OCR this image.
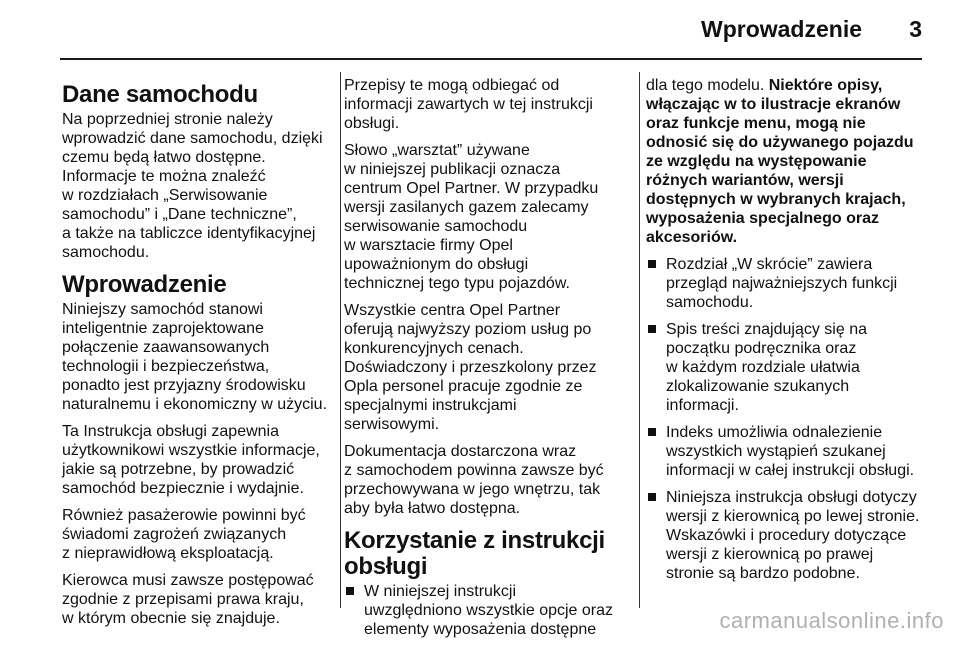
Wprowadzenie 3
Dane samochodu

Na poprzedniej stronie należy
wprowadzić dane samochodu, dzięki
czemu będą łatwo dostępne.
Informacje te można znaleźć
w rozdziałach „Serwisowanie
samochodu” i „Dane techniczne”,
a także na tabliczce identyfikacyjnej
samochodu.

Wprowadzenie

Niniejszy samochód stanowi
inteligentnie zaprojektowane
połączenie zaawansowanych
technologii i bezpieczeństwa,
ponadto jest przyjazny środowisku
naturalnemu i ekonomiczny w użyciu.

Ta Instrukcja obsługi zapewnia
użytkownikowi wszystkie informacje,
jakie są potrzebne, by prowadzić
samochód bezpiecznie i wydajnie.

Również pasażerowie powinni być
świadomi zagrożeń związanych
z nieprawidłową eksploatacją.

Kierowca musi zawsze postępować
zgodnie z przepisami prawa kraju,
w którym obecnie się znajduje.

Przepisy te mogą odbiegać od
informacji zawartych w tej instrukcji
obsługi.

Słowo „warsztat” używane
w niniejszej publikacji oznacza
centrum Opel Partner. W przypadku
wersji zasilanych gazem zalecamy
serwisowanie samochodu
w warsztacie firmy Opel
upoważnionym do obsługi
technicznej tego typu pojazdów.

Wszystkie centra Opel Partner
oferują najwyższy poziom usług po
konkurencyjnych cenach.
Doświadczony i przeszkolony przez
Opla personel pracuje zgodnie ze
specjalnymi instrukcjami
serwisowymi.

Dokumentacja dostarczona wraz
z samochodem powinna zawsze być
przechowywana w jego wnętrzu, tak
aby była łatwo dostępna.

Korzystanie z instrukcji
obsługi
W niniejszej instrukcji
uwzględniono wszystkie opcje oraz
elementy wyposażenia dostępne

dla tego modelu. Niektóre opisy,
włączając w to ilustracje ekranów
oraz funkcje menu, mogą nie
odnosić się do używanego pojazdu
ze względu na występowanie
różnych wariantów, wersji
dostępnych w wybranych krajach,
wyposażenia specjalnego oraz
akcesoriów.

Rozdział „W skrócie” zawiera
przegląd najważniejszych funkcji
samochodu.
Spis treści znajdujący się na
początku podręcznika oraz
w każdym rozdziale ułatwia
zlokalizowanie szukanych
informacji.
Indeks umożliwia odnalezienie
wszystkich wystąpień szukanej
informacji w całej instrukcji obsługi.
Niniejsza instrukcja obsługi dotyczy
wersji z kierownicą po lewej stronie.
Wskazówki i procedury dotyczące
wersji z kierownicą po prawej
stronie są bardzo podobne.
carmanualsonline.info
